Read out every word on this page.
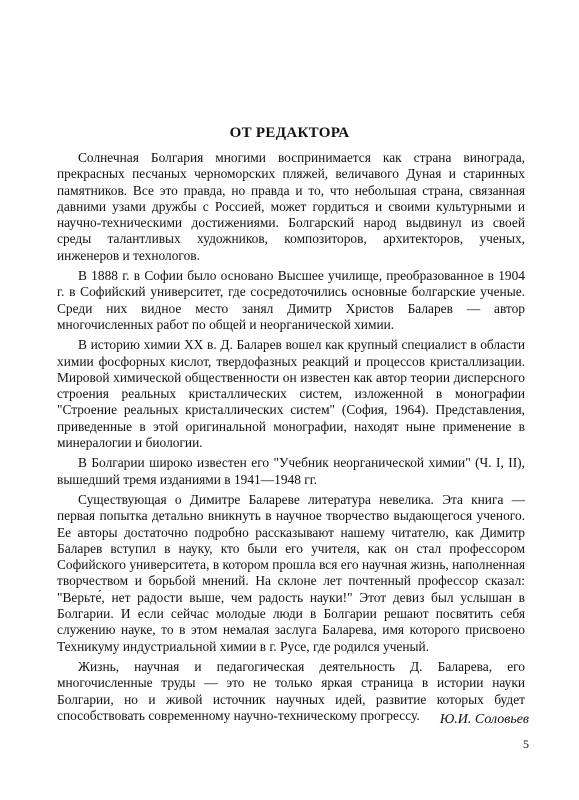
ОТ РЕДАКТОРА

Солнечная Болгария многими воспринимается как страна винограда, прекрасных песчаных черноморских пляжей, величавого Дуная и старинных памятников. Все это правда, но правда и то, что небольшая страна, связанная давними узами дружбы с Россией, может гордиться и своими культурными и научно-техническими достижениями. Болгарский народ выдвинул из своей среды талантливых художников, композиторов, архитекторов, ученых, инженеров и технологов.

В 1888 г. в Софии было основано Высшее училище, преобразованное в 1904 г. в Софийский университет, где сосредоточились основные болгарские ученые. Среди них видное место занял Димитр Христов Баларев — автор многочисленных работ по общей и неорганической химии.

В историю химии XX в. Д. Баларев вошел как крупный специалист в области химии фосфорных кислот, твердофазных реакций и процессов кристаллизации. Мировой химической общественности он известен как автор теории дисперсного строения реальных кристаллических систем, изложенной в монографии "Строение реальных кристаллических систем" (София, 1964). Представления, приведенные в этой оригинальной монографии, находят ныне применение в минералогии и биологии.

В Болгарии широко известен его "Учебник неорганической химии" (Ч. I, II), вышедший тремя изданиями в 1941—1948 гг.

Существующая о Димитре Балареве литература невелика. Эта книга — первая попытка детально вникнуть в научное творчество выдающегося ученого. Ее авторы достаточно подробно рассказывают нашему читателю, как Димитр Баларев вступил в науку, кто были его учителя, как он стал профессором Софийского университета, в котором прошла вся его научная жизнь, наполненная творчеством и борьбой мнений. На склоне лет почтенный профессор сказал: "Верьте́, нет радости выше, чем радость науки!" Этот девиз был услышан в Болгарии. И если сейчас молодые люди в Болгарии решают посвятить себя служению науке, то в этом немалая заслуга Баларева, имя которого присвоено Техникуму индустриальной химии в г. Русе, где родился ученый.

Жизнь, научная и педагогическая деятельность Д. Баларева, его многочисленные труды — это не только яркая страница в истории науки Болгарии, но и живой источник научных идей, развитие которых будет способствовать современному научно-техническому прогрессу.	Ю.И. Соловьев
5
